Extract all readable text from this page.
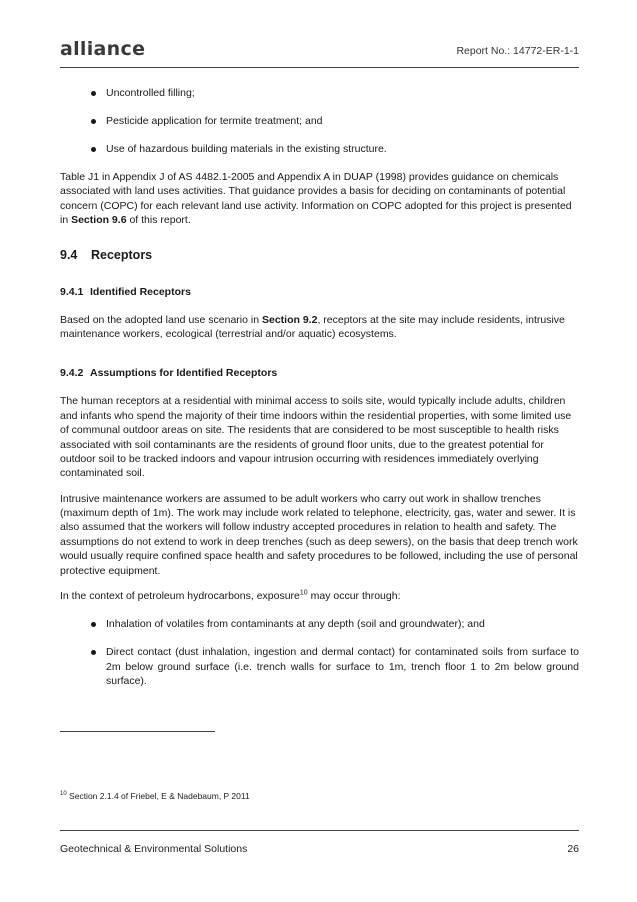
alliance	Report No.: 14772-ER-1-1
Uncontrolled filling;
Pesticide application for termite treatment; and
Use of hazardous building materials in the existing structure.

Table J1 in Appendix J of AS 4482.1-2005 and Appendix A in DUAP (1998) provides guidance on chemicals associated with land uses activities. That guidance provides a basis for deciding on contaminants of potential concern (COPC) for each relevant land use activity. Information on COPC adopted for this project is presented in Section 9.6 of this report.

9.4 Receptors
9.4.1 Identified Receptors

Based on the adopted land use scenario in Section 9.2, receptors at the site may include residents, intrusive maintenance workers, ecological (terrestrial and/or aquatic) ecosystems.

9.4.2 Assumptions for Identified Receptors

The human receptors at a residential with minimal access to soils site, would typically include adults, children and infants who spend the majority of their time indoors within the residential properties, with some limited use of communal outdoor areas on site. The residents that are considered to be most susceptible to health risks associated with soil contaminants are the residents of ground floor units, due to the greatest potential for outdoor soil to be tracked indoors and vapour intrusion occurring with residences immediately overlying contaminated soil.

Intrusive maintenance workers are assumed to be adult workers who carry out work in shallow trenches (maximum depth of 1m). The work may include work related to telephone, electricity, gas, water and sewer. It is also assumed that the workers will follow industry accepted procedures in relation to health and safety. The assumptions do not extend to work in deep trenches (such as deep sewers), on the basis that deep trench work would usually require confined space health and safety procedures to be followed, including the use of personal protective equipment.

In the context of petroleum hydrocarbons, exposure$^{10}$ may occur through:

Inhalation of volatiles from contaminants at any depth (soil and groundwater); and
Direct contact (dust inhalation, ingestion and dermal contact) for contaminated soils from surface to 2m below ground surface (i.e. trench walls for surface to 1m, trench floor 1 to 2m below ground surface).
$^{10}$ Section 2.1.4 of Friebel, E & Nadebaum, P 2011
Geotechnical & Environmental Solutions	26
